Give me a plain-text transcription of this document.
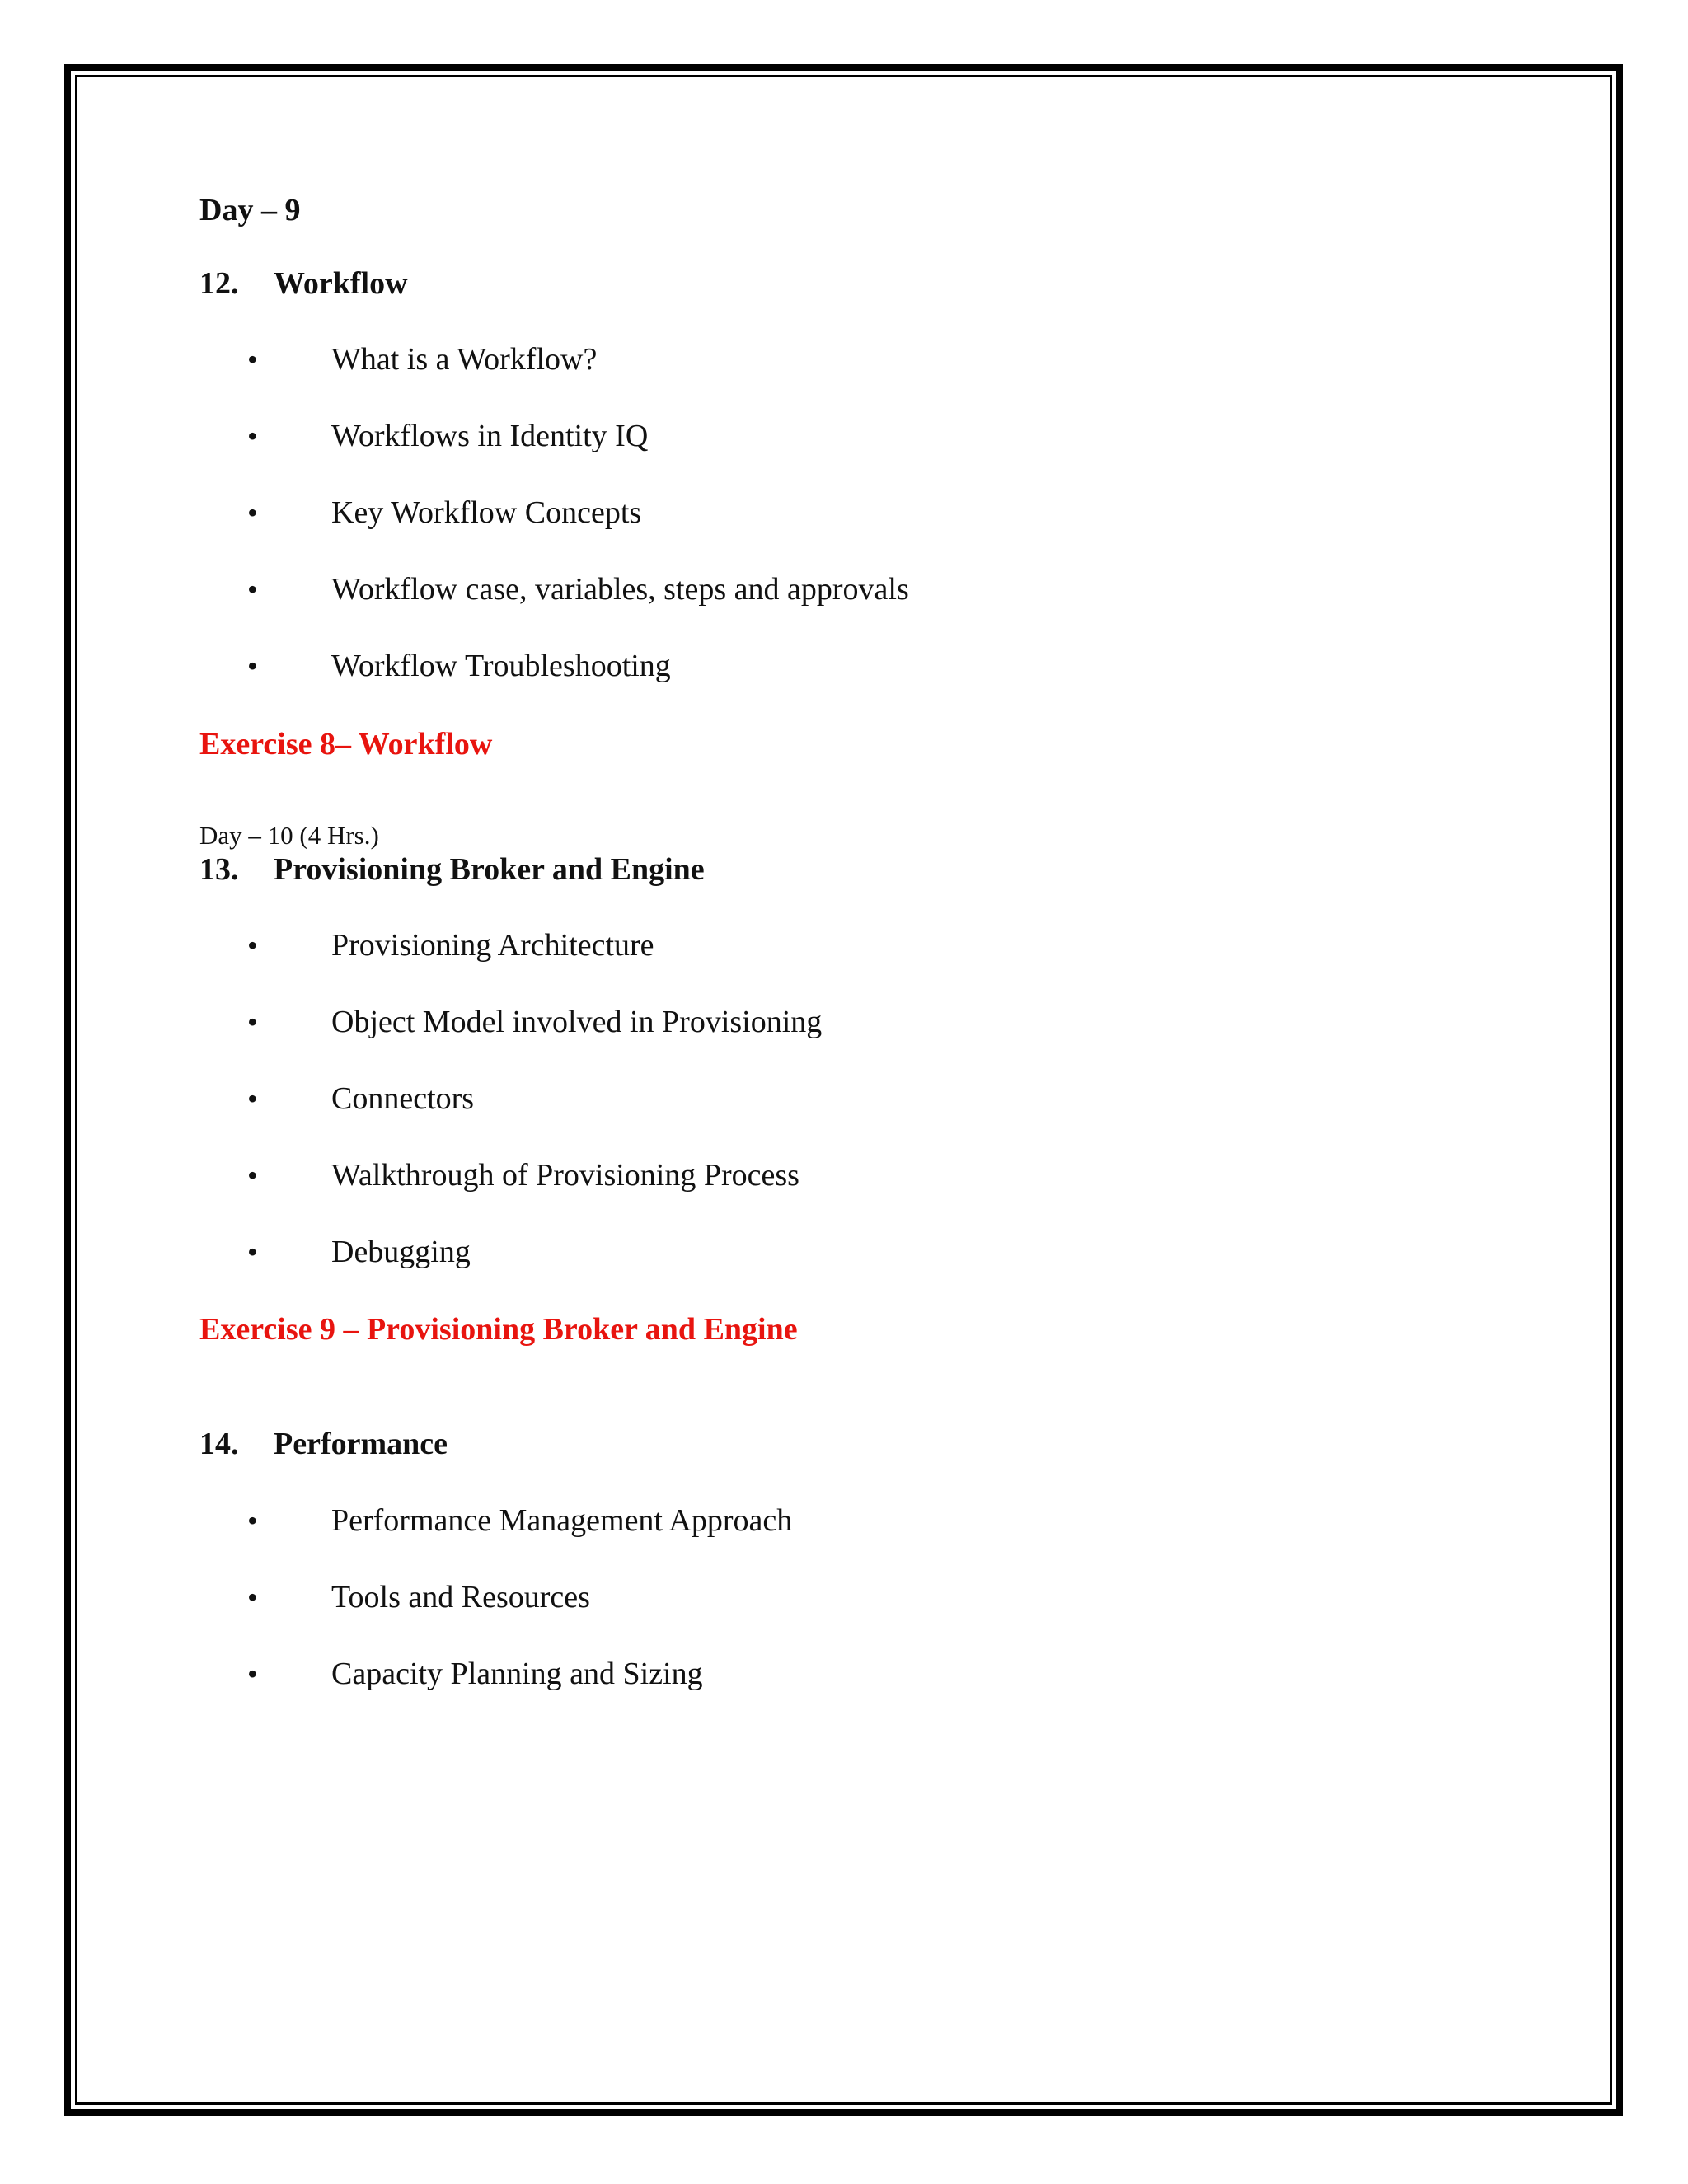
Day – 9
12.	Workflow
•	What is a Workflow?
•	Workflows in Identity IQ
•	Key Workflow Concepts
•	Workflow case, variables, steps and approvals
•	Workflow Troubleshooting
Exercise 8– Workflow
Day – 10 (4 Hrs.)
13.	Provisioning Broker and Engine
•	Provisioning Architecture
•	Object Model involved in Provisioning
•	Connectors
•	Walkthrough of Provisioning Process
•	Debugging
Exercise 9 – Provisioning Broker and Engine
14.	Performance
•	Performance Management Approach
•	Tools and Resources
•	Capacity Planning and Sizing
